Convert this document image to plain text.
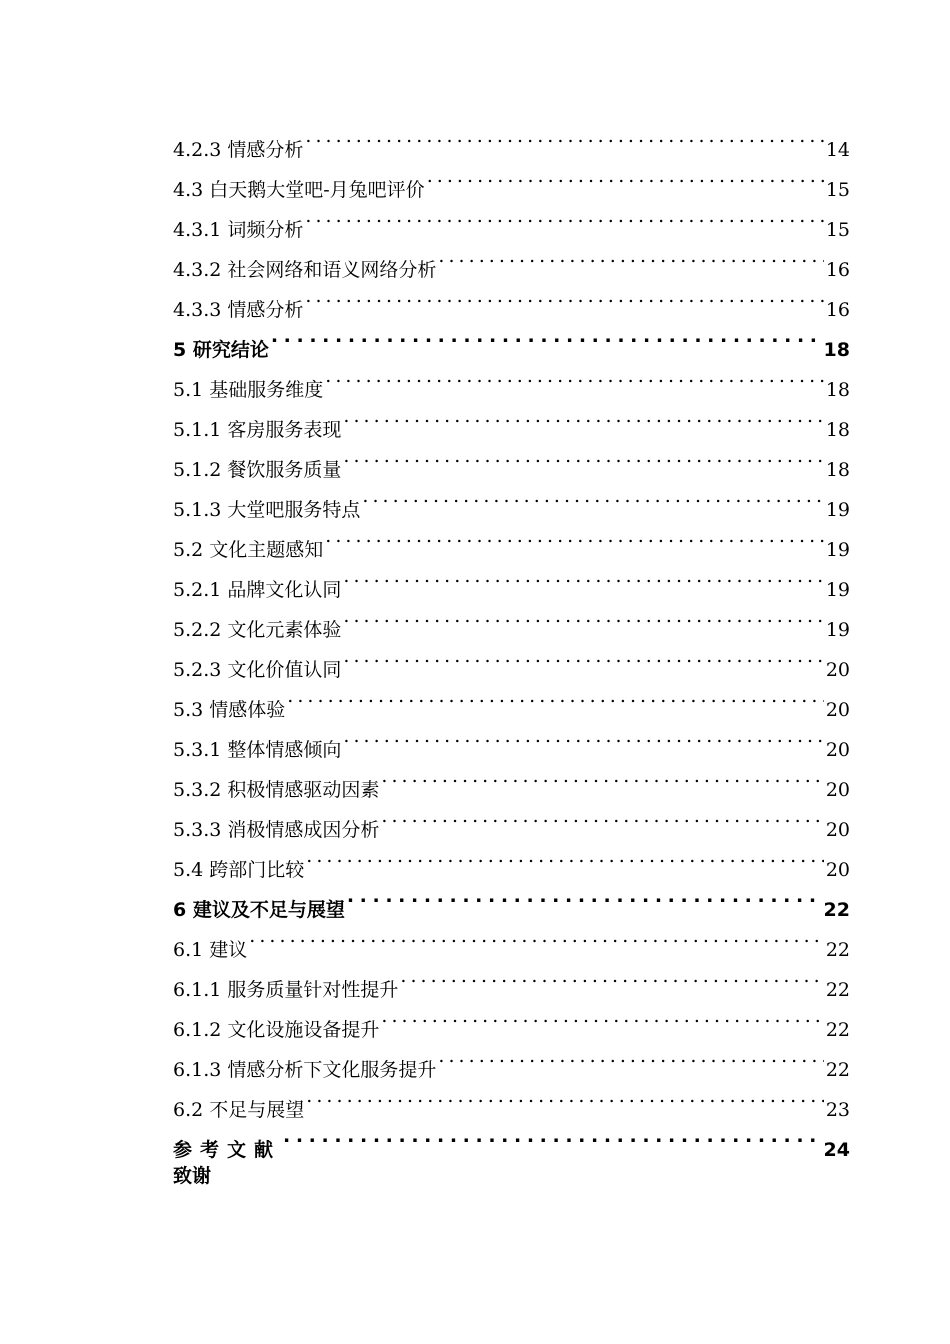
4.2.3 情感分析 . . .	14
4.3 白天鹅大堂吧-月兔吧评价 . . .	15
4.3.1 词频分析 . . .	15
4.3.2 社会网络和语义网络分析 . . .	16
4.3.3 情感分析 . . .	16
5 研究结论 . . .	18
5.1 基础服务维度 . . .	18
5.1.1 客房服务表现 . . .	18
5.1.2 餐饮服务质量 . . .	18
5.1.3 大堂吧服务特点 . . .	19
5.2 文化主题感知 . . .	19
5.2.1 品牌文化认同 . . .	19
5.2.2 文化元素体验 . . .	19
5.2.3 文化价值认同 . . .	20
5.3 情感体验 . . .	20
5.3.1 整体情感倾向 . . .	20
5.3.2 积极情感驱动因素 . . .	20
5.3.3 消极情感成因分析 . . .	20
5.4 跨部门比较 . . .	20
6 建议及不足与展望 . . .	22
6.1 建议 . . .	22
6.1.1 服务质量针对性提升 . . .	22
6.1.2 文化设施设备提升 . . .	22
6.1.3 情感分析下文化服务提升 . . .	22
6.2 不足与展望 . . .	23
参考文献 . . .	24
致谢
